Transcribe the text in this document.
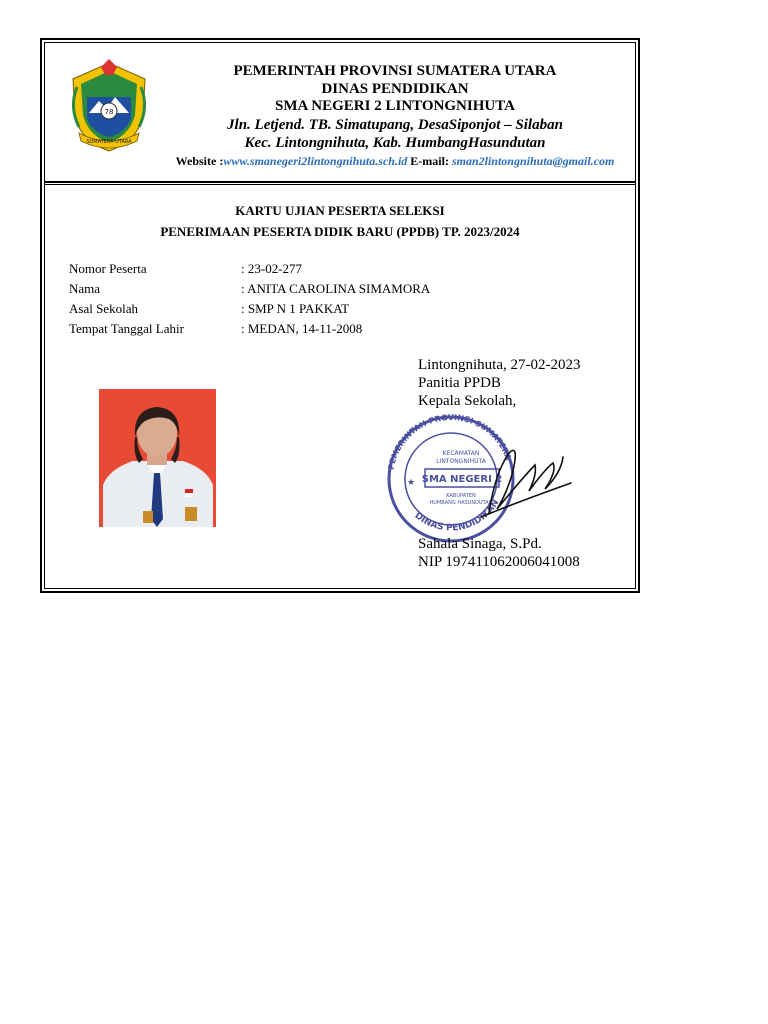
78
SUMATERA UTARA
PEMERINTAH PROVINSI SUMATERA UTARA
DINAS PENDIDIKAN
SMA NEGERI 2 LINTONGNIHUTA
Jln. Letjend. TB. Simatupang, DesaSiponjot – Silaban
Kec. Lintongnihuta, Kab. HumbangHasundutan
Website :www.smanegeri2lintongnihuta.sch.id E-mail: sman2lintongnihuta@gmail.com
KARTU UJIAN PESERTA SELEKSI
PENERIMAAN PESERTA DIDIK BARU (PPDB) TP. 2023/2024
Nomor Peserta	: 23-02-277
Nama	: ANITA CAROLINA SIMAMORA
Asal Sekolah	: SMP N 1 PAKKAT
Tempat Tanggal Lahir	: MEDAN, 14-11-2008
Lintongnihuta, 27-02-2023
Panitia PPDB
Kepala Sekolah,
PEMERINTAH PROVINSI SUMATERA
DINAS PENDIDIKAN
KECAMATAN
LINTONGNIHUTA
SMA NEGERI 2
KABUPATEN
HUMBANG HASUNDUTAN
★
Sahala Sinaga, S.Pd.
NIP 197411062006041008
